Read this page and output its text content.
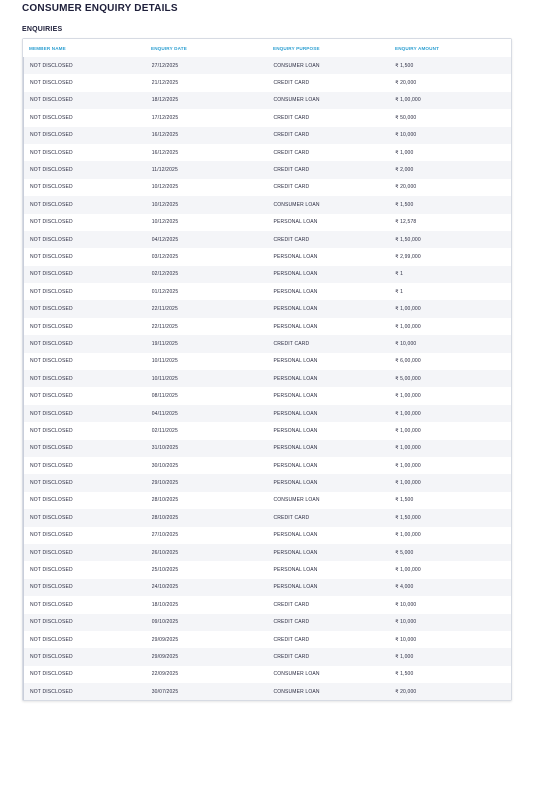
CONSUMER ENQUIRY DETAILS
ENQUIRIES
MEMBER NAME	ENQUIRY DATE	ENQUIRY PURPOSE	ENQUIRY AMOUNT
NOT DISCLOSED	27/12/2025	CONSUMER LOAN	₹ 1,500
NOT DISCLOSED	21/12/2025	CREDIT CARD	₹ 20,000
NOT DISCLOSED	18/12/2025	CONSUMER LOAN	₹ 1,00,000
NOT DISCLOSED	17/12/2025	CREDIT CARD	₹ 50,000
NOT DISCLOSED	16/12/2025	CREDIT CARD	₹ 10,000
NOT DISCLOSED	16/12/2025	CREDIT CARD	₹ 1,000
NOT DISCLOSED	11/12/2025	CREDIT CARD	₹ 2,000
NOT DISCLOSED	10/12/2025	CREDIT CARD	₹ 20,000
NOT DISCLOSED	10/12/2025	CONSUMER LOAN	₹ 1,500
NOT DISCLOSED	10/12/2025	PERSONAL LOAN	₹ 12,578
NOT DISCLOSED	04/12/2025	CREDIT CARD	₹ 1,50,000
NOT DISCLOSED	03/12/2025	PERSONAL LOAN	₹ 2,99,000
NOT DISCLOSED	02/12/2025	PERSONAL LOAN	₹ 1
NOT DISCLOSED	01/12/2025	PERSONAL LOAN	₹ 1
NOT DISCLOSED	22/11/2025	PERSONAL LOAN	₹ 1,00,000
NOT DISCLOSED	22/11/2025	PERSONAL LOAN	₹ 1,00,000
NOT DISCLOSED	19/11/2025	CREDIT CARD	₹ 10,000
NOT DISCLOSED	10/11/2025	PERSONAL LOAN	₹ 6,00,000
NOT DISCLOSED	10/11/2025	PERSONAL LOAN	₹ 5,00,000
NOT DISCLOSED	08/11/2025	PERSONAL LOAN	₹ 1,00,000
NOT DISCLOSED	04/11/2025	PERSONAL LOAN	₹ 1,00,000
NOT DISCLOSED	02/11/2025	PERSONAL LOAN	₹ 1,00,000
NOT DISCLOSED	31/10/2025	PERSONAL LOAN	₹ 1,00,000
NOT DISCLOSED	30/10/2025	PERSONAL LOAN	₹ 1,00,000
NOT DISCLOSED	29/10/2025	PERSONAL LOAN	₹ 1,00,000
NOT DISCLOSED	28/10/2025	CONSUMER LOAN	₹ 1,500
NOT DISCLOSED	28/10/2025	CREDIT CARD	₹ 1,50,000
NOT DISCLOSED	27/10/2025	PERSONAL LOAN	₹ 1,00,000
NOT DISCLOSED	26/10/2025	PERSONAL LOAN	₹ 5,000
NOT DISCLOSED	25/10/2025	PERSONAL LOAN	₹ 1,00,000
NOT DISCLOSED	24/10/2025	PERSONAL LOAN	₹ 4,000
NOT DISCLOSED	18/10/2025	CREDIT CARD	₹ 10,000
NOT DISCLOSED	09/10/2025	CREDIT CARD	₹ 10,000
NOT DISCLOSED	29/09/2025	CREDIT CARD	₹ 10,000
NOT DISCLOSED	29/09/2025	CREDIT CARD	₹ 1,000
NOT DISCLOSED	22/09/2025	CONSUMER LOAN	₹ 1,500
NOT DISCLOSED	30/07/2025	CONSUMER LOAN	₹ 20,000
